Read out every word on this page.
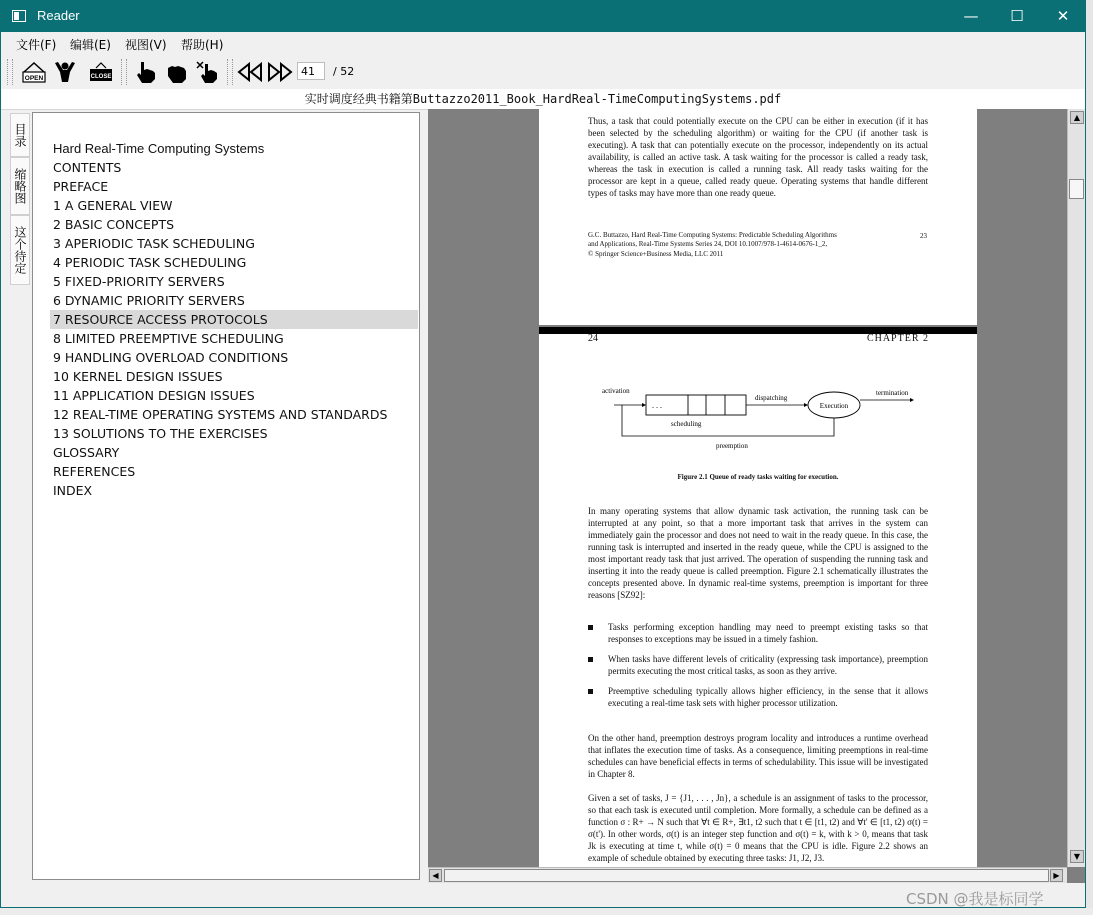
Reader	—	☐	✕
文件(F) 编辑(E) 视图(V) 帮助(H)
OPEN	CLOSE	41	/ 52
实时调度经典书籍第Buttazzo2011_Book_HardReal-TimeComputingSystems.pdf
目录
缩略图
这个待定
Hard Real-Time Computing Systems
CONTENTS
PREFACE
1 A GENERAL VIEW
2 BASIC CONCEPTS
3 APERIODIC TASK SCHEDULING
4 PERIODIC TASK SCHEDULING
5 FIXED-PRIORITY SERVERS
6 DYNAMIC PRIORITY SERVERS
7 RESOURCE ACCESS PROTOCOLS
8 LIMITED PREEMPTIVE SCHEDULING
9 HANDLING OVERLOAD CONDITIONS
10 KERNEL DESIGN ISSUES
11 APPLICATION DESIGN ISSUES
12 REAL-TIME OPERATING SYSTEMS AND STANDARDS
13 SOLUTIONS TO THE EXERCISES
GLOSSARY
REFERENCES
INDEX
Thus, a task that could potentially execute on the CPU can be either in execution (if it has been selected by the scheduling algorithm) or waiting for the CPU (if another task is executing). A task that can potentially execute on the processor, independently on its actual availability, is called an active task. A task waiting for the processor is called a ready task, whereas the task in execution is called a running task. All ready tasks waiting for the processor are kept in a queue, called ready queue. Operating systems that handle different types of tasks may have more than one ready queue.
G.C. Buttazzo, Hard Real-Time Computing Systems: Predictable Scheduling Algorithms
and Applications, Real-Time Systems Series 24, DOI 10.1007/978-1-4614-0676-1_2,
© Springer Science+Business Media, LLC 2011
23
24	CHAPTER 2
activation
. . .
scheduling
dispatching
Execution
termination
preemption
Figure 2.1 Queue of ready tasks waiting for execution.
In many operating systems that allow dynamic task activation, the running task can be interrupted at any point, so that a more important task that arrives in the system can immediately gain the processor and does not need to wait in the ready queue. In this case, the running task is interrupted and inserted in the ready queue, while the CPU is assigned to the most important ready task that just arrived. The operation of suspending the running task and inserting it into the ready queue is called preemption. Figure 2.1 schematically illustrates the concepts presented above. In dynamic real-time systems, preemption is important for three reasons [SZ92]:
Tasks performing exception handling may need to preempt existing tasks so that responses to exceptions may be issued in a timely fashion.
When tasks have different levels of criticality (expressing task importance), preemption permits executing the most critical tasks, as soon as they arrive.
Preemptive scheduling typically allows higher efficiency, in the sense that it allows executing a real-time task sets with higher processor utilization.
On the other hand, preemption destroys program locality and introduces a runtime overhead that inflates the execution time of tasks. As a consequence, limiting preemptions in real-time schedules can have beneficial effects in terms of schedulability. This issue will be investigated in Chapter 8.
Given a set of tasks, J = {J1, . . . , Jn}, a schedule is an assignment of tasks to the processor, so that each task is executed until completion. More formally, a schedule can be defined as a function σ : R+ → N such that ∀t ∈ R+, ∃t1, t2 such that t ∈ [t1, t2) and ∀t' ∈ [t1, t2) σ(t) = σ(t'). In other words, σ(t) is an integer step function and σ(t) = k, with k > 0, means that task Jk is executing at time t, while σ(t) = 0 means that the CPU is idle. Figure 2.2 shows an example of schedule obtained by executing three tasks: J1, J2, J3.
▲
▼
◀	▶
CSDN @我是标同学
